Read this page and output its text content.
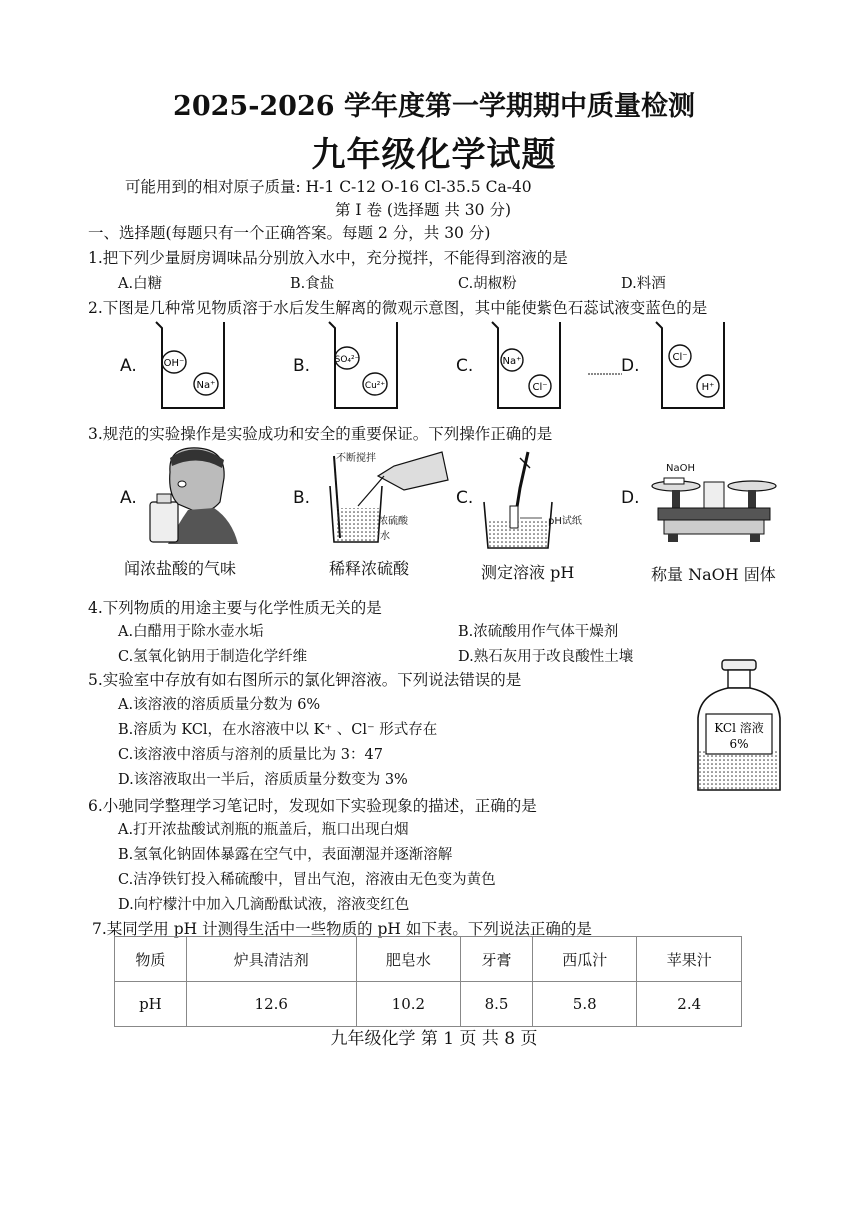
2025-2026 学年度第一学期期中质量检测
九年级化学试题
可能用到的相对原子质量: H-1 C-12 O-16 Cl-35.5 Ca-40
第 I 卷 (选择题 共 30 分)
一、选择题(每题只有一个正确答案。每题 2 分，共 30 分)
1.把下列少量厨房调味品分别放入水中，充分搅拌，不能得到溶液的是
A.白糖	B.食盐	C.胡椒粉	D.料酒
2.下图是几种常见物质溶于水后发生解离的微观示意图，其中能使紫色石蕊试液变蓝色的是
A.	OH⁻
Na⁺
B.	SO₄²⁻
Cu²⁺
C.	Na⁺
Cl⁻
D.	Cl⁻
H⁺
3.规范的实验操作是实验成功和安全的重要保证。下列操作正确的是
A.
闻浓盐酸的气味
B.
不断搅拌
浓硫酸
水
稀释浓硫酸
C.
pH试纸
测定溶液 pH
D.
NaOH
称量 NaOH 固体
4.下列物质的用途主要与化学性质无关的是
A.白醋用于除水壶水垢	B.浓硫酸用作气体干燥剂
C.氢氧化钠用于制造化学纤维	D.熟石灰用于改良酸性土壤
5.实验室中存放有如右图所示的氯化钾溶液。下列说法错误的是
A.该溶液的溶质质量分数为 6%
B.溶质为 KCl，在水溶液中以 K⁺ 、Cl⁻ 形式存在
C.该溶液中溶质与溶剂的质量比为 3：47
D.该溶液取出一半后，溶质质量分数变为 3%
KCl 溶液
6%
6.小驰同学整理学习笔记时，发现如下实验现象的描述，正确的是
A.打开浓盐酸试剂瓶的瓶盖后，瓶口出现白烟
B.氢氧化钠固体暴露在空气中，表面潮湿并逐渐溶解
C.洁净铁钉投入稀硫酸中，冒出气泡，溶液由无色变为黄色
D.向柠檬汁中加入几滴酚酞试液，溶液变红色
7.某同学用 pH 计测得生活中一些物质的 pH 如下表。下列说法正确的是
物质	炉具清洁剂	肥皂水	牙膏	西瓜汁	苹果汁
pH	12.6	10.2	8.5	5.8	2.4
九年级化学 第 1 页 共 8 页
